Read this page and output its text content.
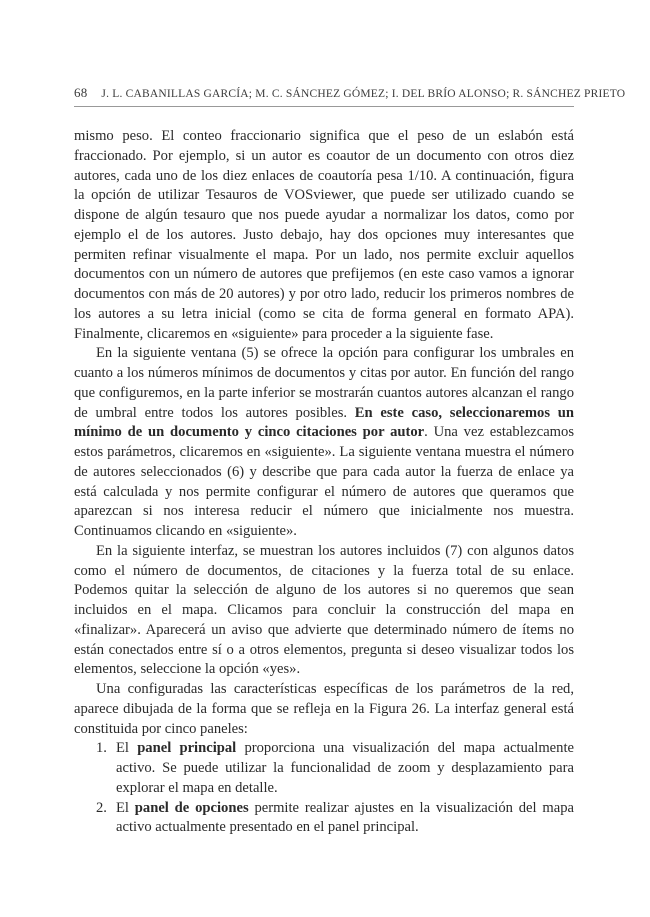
68 J. L. CABANILLAS GARCÍA; M. C. SÁNCHEZ GÓMEZ; I. DEL BRÍO ALONSO; R. SÁNCHEZ PRIETO

mismo peso. El conteo fraccionario significa que el peso de un eslabón está fraccionado. Por ejemplo, si un autor es coautor de un documento con otros diez autores, cada uno de los diez enlaces de coautoría pesa 1/10. A continuación, figura la opción de utilizar Tesauros de VOSviewer, que puede ser utilizado cuando se dispone de algún tesauro que nos puede ayudar a normalizar los datos, como por ejemplo el de los autores. Justo debajo, hay dos opciones muy interesantes que permiten refinar visualmente el mapa. Por un lado, nos permite excluir aquellos documentos con un número de autores que prefijemos (en este caso vamos a ignorar documentos con más de 20 autores) y por otro lado, reducir los primeros nombres de los autores a su letra inicial (como se cita de forma general en formato APA). Finalmente, clicaremos en «siguiente» para proceder a la siguiente fase.

En la siguiente ventana (5) se ofrece la opción para configurar los umbrales en cuanto a los números mínimos de documentos y citas por autor. En función del rango que configuremos, en la parte inferior se mostrarán cuantos autores alcanzan el rango de umbral entre todos los autores posibles. En este caso, seleccionaremos un mínimo de un documento y cinco citaciones por autor. Una vez establezcamos estos parámetros, clicaremos en «siguiente». La siguiente ventana muestra el número de autores seleccionados (6) y describe que para cada autor la fuerza de enlace ya está calculada y nos permite configurar el número de autores que queramos que aparezcan si nos interesa reducir el número que inicialmente nos muestra. Continuamos clicando en «siguiente».

En la siguiente interfaz, se muestran los autores incluidos (7) con algunos datos como el número de documentos, de citaciones y la fuerza total de su enlace. Podemos quitar la selección de alguno de los autores si no queremos que sean incluidos en el mapa. Clicamos para concluir la construcción del mapa en «finalizar». Aparecerá un aviso que advierte que determinado número de ítems no están conectados entre sí o a otros elementos, pregunta si deseo visualizar todos los elementos, seleccione la opción «yes».

Una configuradas las características específicas de los parámetros de la red, aparece dibujada de la forma que se refleja en la Figura 26. La interfaz general está constituida por cinco paneles:

1. El panel principal proporciona una visualización del mapa actualmente activo. Se puede utilizar la funcionalidad de zoom y desplazamiento para explorar el mapa en detalle.
2. El panel de opciones permite realizar ajustes en la visualización del mapa activo actualmente presentado en el panel principal.
